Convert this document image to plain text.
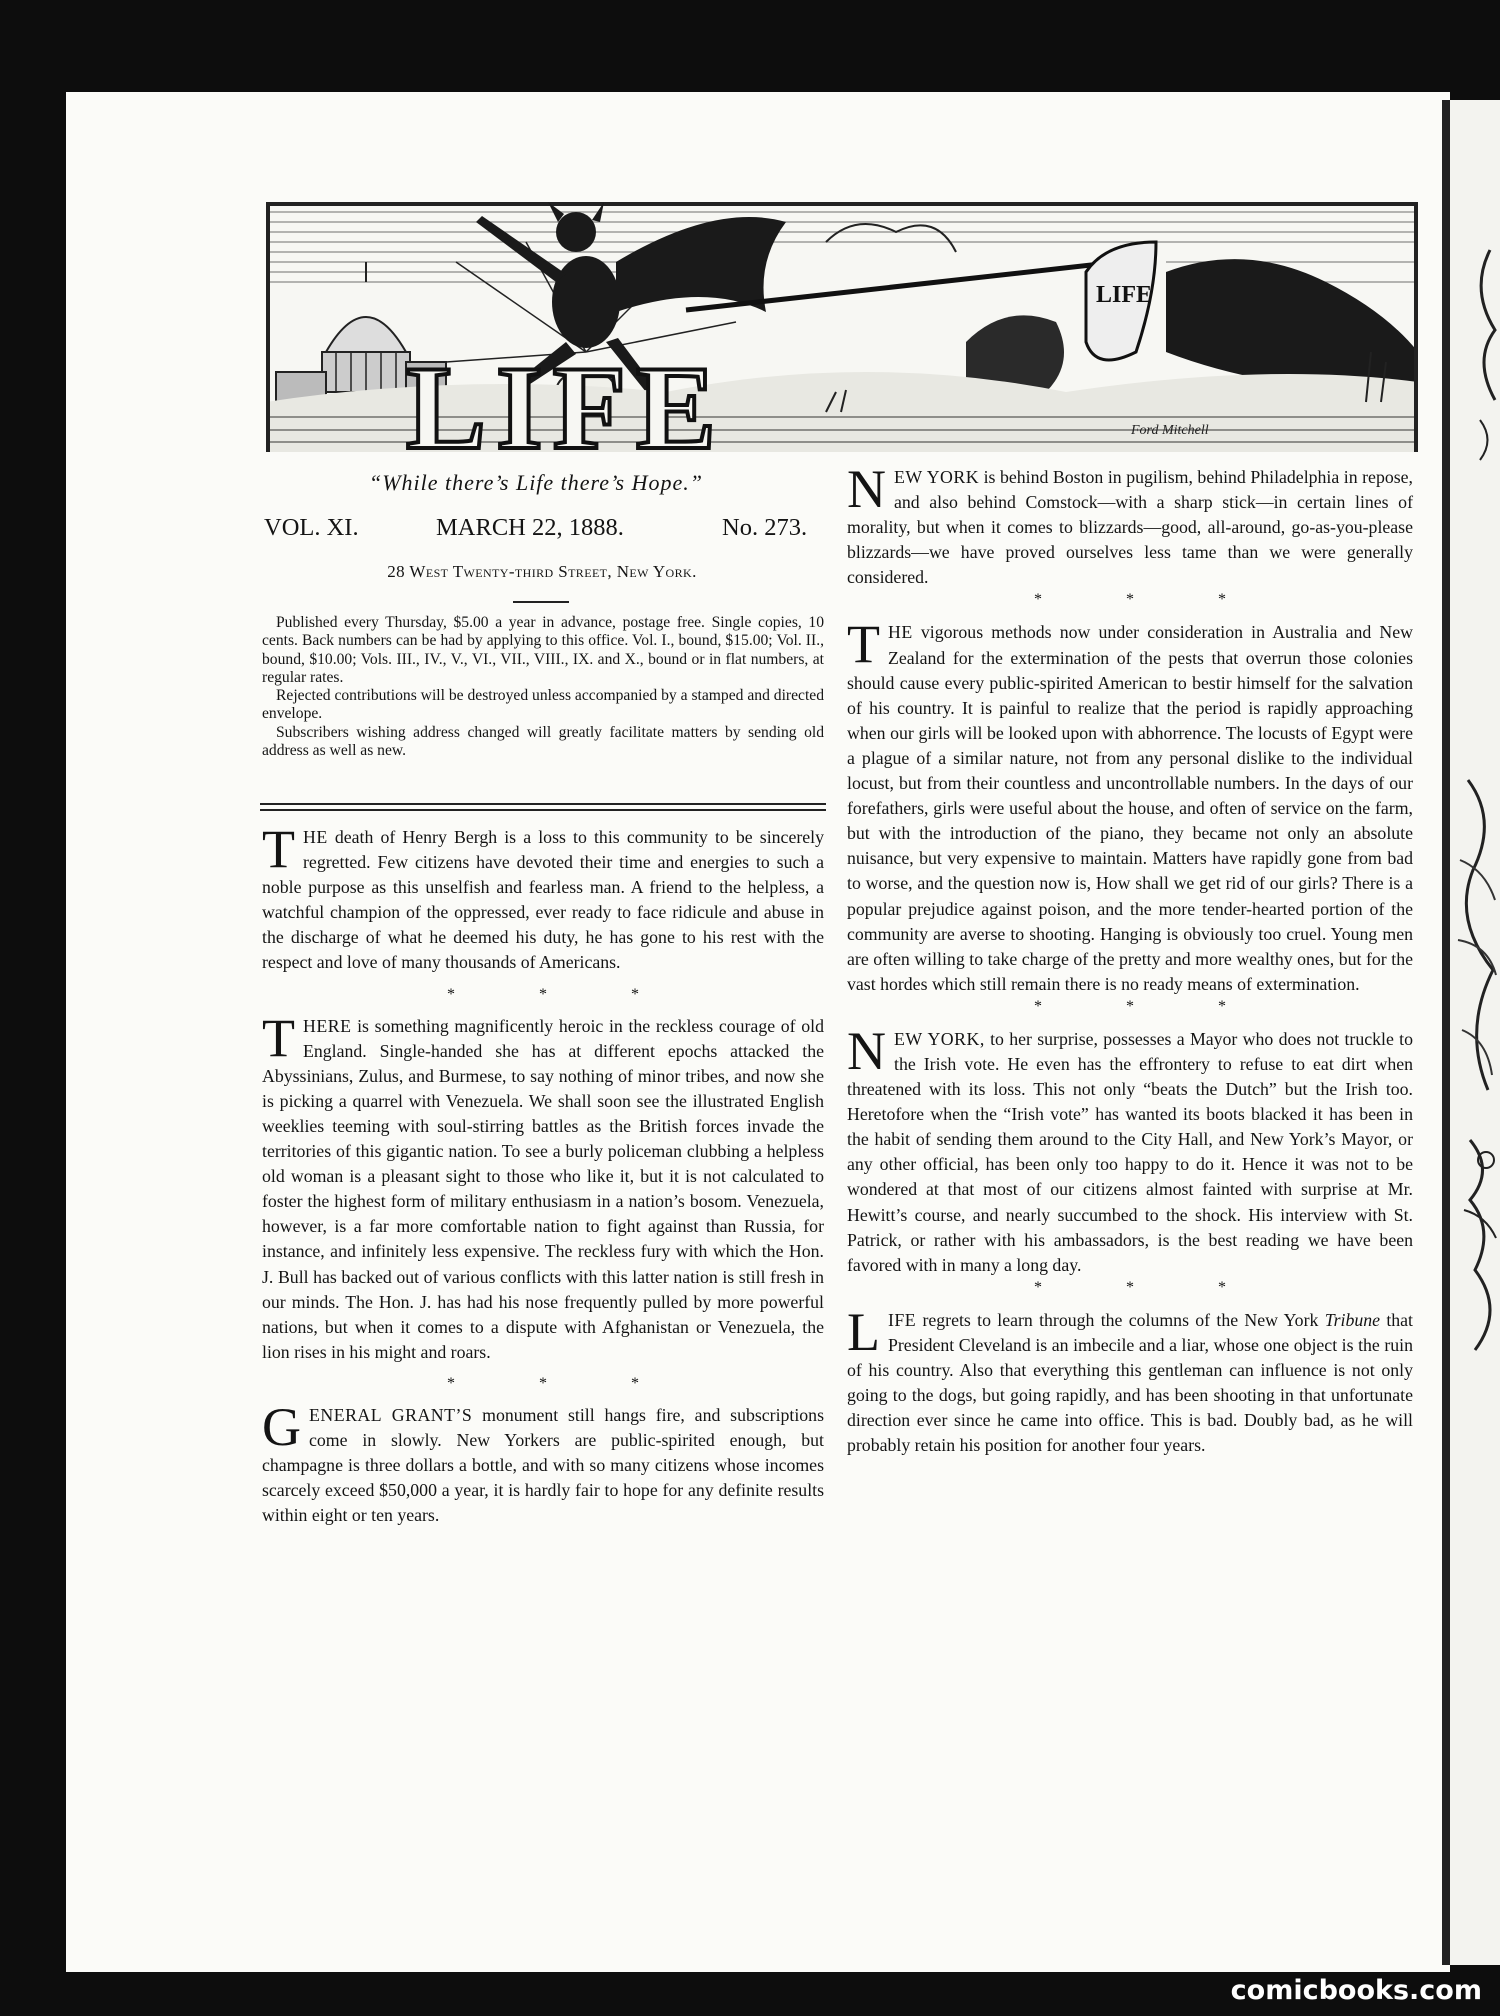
LIFE
LIFE	Ford Mitchell
“While there’s Life there’s Hope.”
VOL. XI.	MARCH 22, 1888.	No. 273.
28 West Twenty-third Street, New York.

Published every Thursday, $5.00 a year in advance, postage free. Single copies, 10 cents. Back numbers can be had by applying to this office. Vol. I., bound, $15.00; Vol. II., bound, $10.00; Vols. III., IV., V., VI., VII., VIII., IX. and X., bound or in flat numbers, at regular rates.

Rejected contributions will be destroyed unless accompanied by a stamped and directed envelope.

Subscribers wishing address changed will greatly facilitate matters by sending old address as well as new.

THE death of Henry Bergh is a loss to this community to be sincerely regretted. Few citizens have devoted their time and energies to such a noble purpose as this unselfish and fearless man. A friend to the helpless, a watchful champion of the oppressed, ever ready to face ridicule and abuse in the discharge of what he deemed his duty, he has gone to his rest with the respect and love of many thousands of Americans.

* * *

THERE is something magnificently heroic in the reckless courage of old England. Single-handed she has at different epochs attacked the Abyssinians, Zulus, and Burmese, to say nothing of minor tribes, and now she is picking a quarrel with Venezuela. We shall soon see the illustrated English weeklies teeming with soul-stirring battles as the British forces invade the territories of this gigantic nation. To see a burly policeman clubbing a helpless old woman is a pleasant sight to those who like it, but it is not calculated to foster the highest form of military enthusiasm in a nation’s bosom. Venezuela, however, is a far more comfortable nation to fight against than Russia, for instance, and infinitely less expensive. The reckless fury with which the Hon. J. Bull has backed out of various conflicts with this latter nation is still fresh in our minds. The Hon. J. has had his nose frequently pulled by more powerful nations, but when it comes to a dispute with Afghanistan or Venezuela, the lion rises in his might and roars.

* * *

GENERAL GRANT’S monument still hangs fire, and subscriptions come in slowly. New Yorkers are public-spirited enough, but champagne is three dollars a bottle, and with so many citizens whose incomes scarcely exceed $50,000 a year, it is hardly fair to hope for any definite results within eight or ten years.

NEW YORK is behind Boston in pugilism, behind Philadelphia in repose, and also behind Comstock—with a sharp stick—in certain lines of morality, but when it comes to blizzards—good, all-around, go-as-you-please blizzards—we have proved ourselves less tame than we were generally considered.

* * *

THE vigorous methods now under consideration in Australia and New Zealand for the extermination of the pests that overrun those colonies should cause every public-spirited American to bestir himself for the salvation of his country. It is painful to realize that the period is rapidly approaching when our girls will be looked upon with abhorrence. The locusts of Egypt were a plague of a similar nature, not from any personal dislike to the individual locust, but from their countless and uncontrollable numbers. In the days of our forefathers, girls were useful about the house, and often of service on the farm, but with the introduction of the piano, they became not only an absolute nuisance, but very expensive to maintain. Matters have rapidly gone from bad to worse, and the question now is, How shall we get rid of our girls? There is a popular prejudice against poison, and the more tender-hearted portion of the community are averse to shooting. Hanging is obviously too cruel. Young men are often willing to take charge of the pretty and more wealthy ones, but for the vast hordes which still remain there is no ready means of extermination.

* * *

NEW YORK, to her surprise, possesses a Mayor who does not truckle to the Irish vote. He even has the effrontery to refuse to eat dirt when threatened with its loss. This not only “beats the Dutch” but the Irish too. Heretofore when the “Irish vote” has wanted its boots blacked it has been in the habit of sending them around to the City Hall, and New York’s Mayor, or any other official, has been only too happy to do it. Hence it was not to be wondered at that most of our citizens almost fainted with surprise at Mr. Hewitt’s course, and nearly succumbed to the shock. His interview with St. Patrick, or rather with his ambassadors, is the best reading we have been favored with in many a long day.

* * *

LIFE regrets to learn through the columns of the New York Tribune that President Cleveland is an imbecile and a liar, whose one object is the ruin of his country. Also that everything this gentleman can influence is not only going to the dogs, but going rapidly, and has been shooting in that unfortunate direction ever since he came into office. This is bad. Doubly bad, as he will probably retain his position for another four years.

comicbooks.com
